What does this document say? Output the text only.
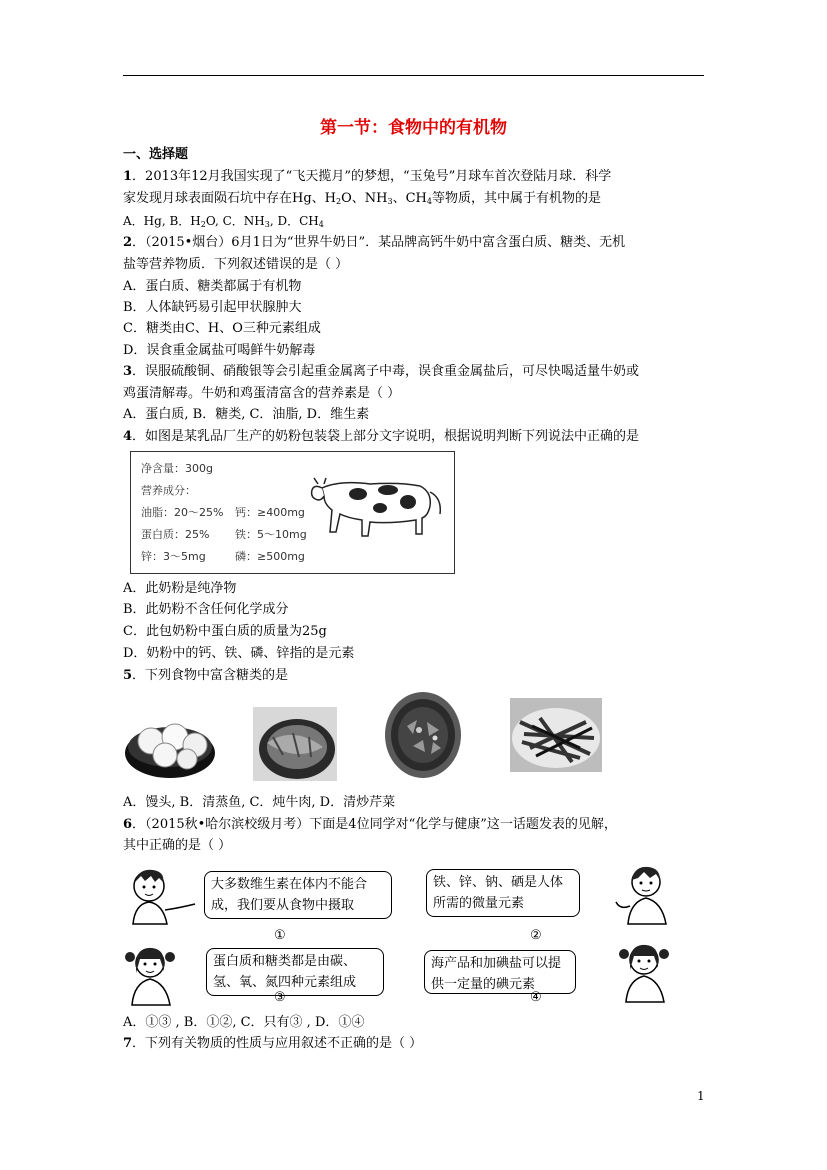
第一节：食物中的有机物
一、选择题
1．2013年12月我国实现了“飞天揽月”的梦想，“玉兔号”月球车首次登陆月球．科学
家发现月球表面陨石坑中存在Hg、$H_2O$、$NH_3$、$CH_4$等物质，其中属于有机物的是
A．Hg, B．$H_2O$, C．$NH_3$, D．$CH_4$
2．（2015•烟台）6月1日为“世界牛奶日”．某品牌高钙牛奶中富含蛋白质、糖类、无机
盐等营养物质．下列叙述错误的是（ ）
A．蛋白质、糖类都属于有机物
B．人体缺钙易引起甲状腺肿大
C．糖类由C、H、O三种元素组成
D．误食重金属盐可喝鲜牛奶解毒
3．误服硫酸铜、硝酸银等会引起重金属离子中毒，误食重金属盐后，可尽快喝适量牛奶或
鸡蛋清解毒。牛奶和鸡蛋清富含的营养素是（ ）
A．蛋白质, B．糖类, C．油脂, D．维生素
4．如图是某乳品厂生产的奶粉包装袋上部分文字说明，根据说明判断下列说法中正确的是
净含量：300g
营养成分：
油脂：20～25% 钙：≥400mg
蛋白质：25% 铁：5～10mg
锌：3～5mg	磷：≥500mg
A．此奶粉是纯净物
B．此奶粉不含任何化学成分
C．此包奶粉中蛋白质的质量为25g
D．奶粉中的钙、铁、磷、锌指的是元素
5．下列食物中富含糖类的是
A．馒头, B．清蒸鱼, C．炖牛肉, D．清炒芹菜
6．（2015秋•哈尔滨校级月考）下面是4位同学对“化学与健康”这一话题发表的见解，
其中正确的是（ ）
大多数维生素在体内不能合成，我们要从食物中摄取
①
铁、锌、钠、硒是人体所需的微量元素
②
蛋白质和糖类都是由碳、氢、氧、氮四种元素组成
③
海产品和加碘盐可以提供一定量的碘元素
④
A．①③ , B．①②, C．只有③ , D．①④
7．下列有关物质的性质与应用叙述不正确的是（ ）
1
